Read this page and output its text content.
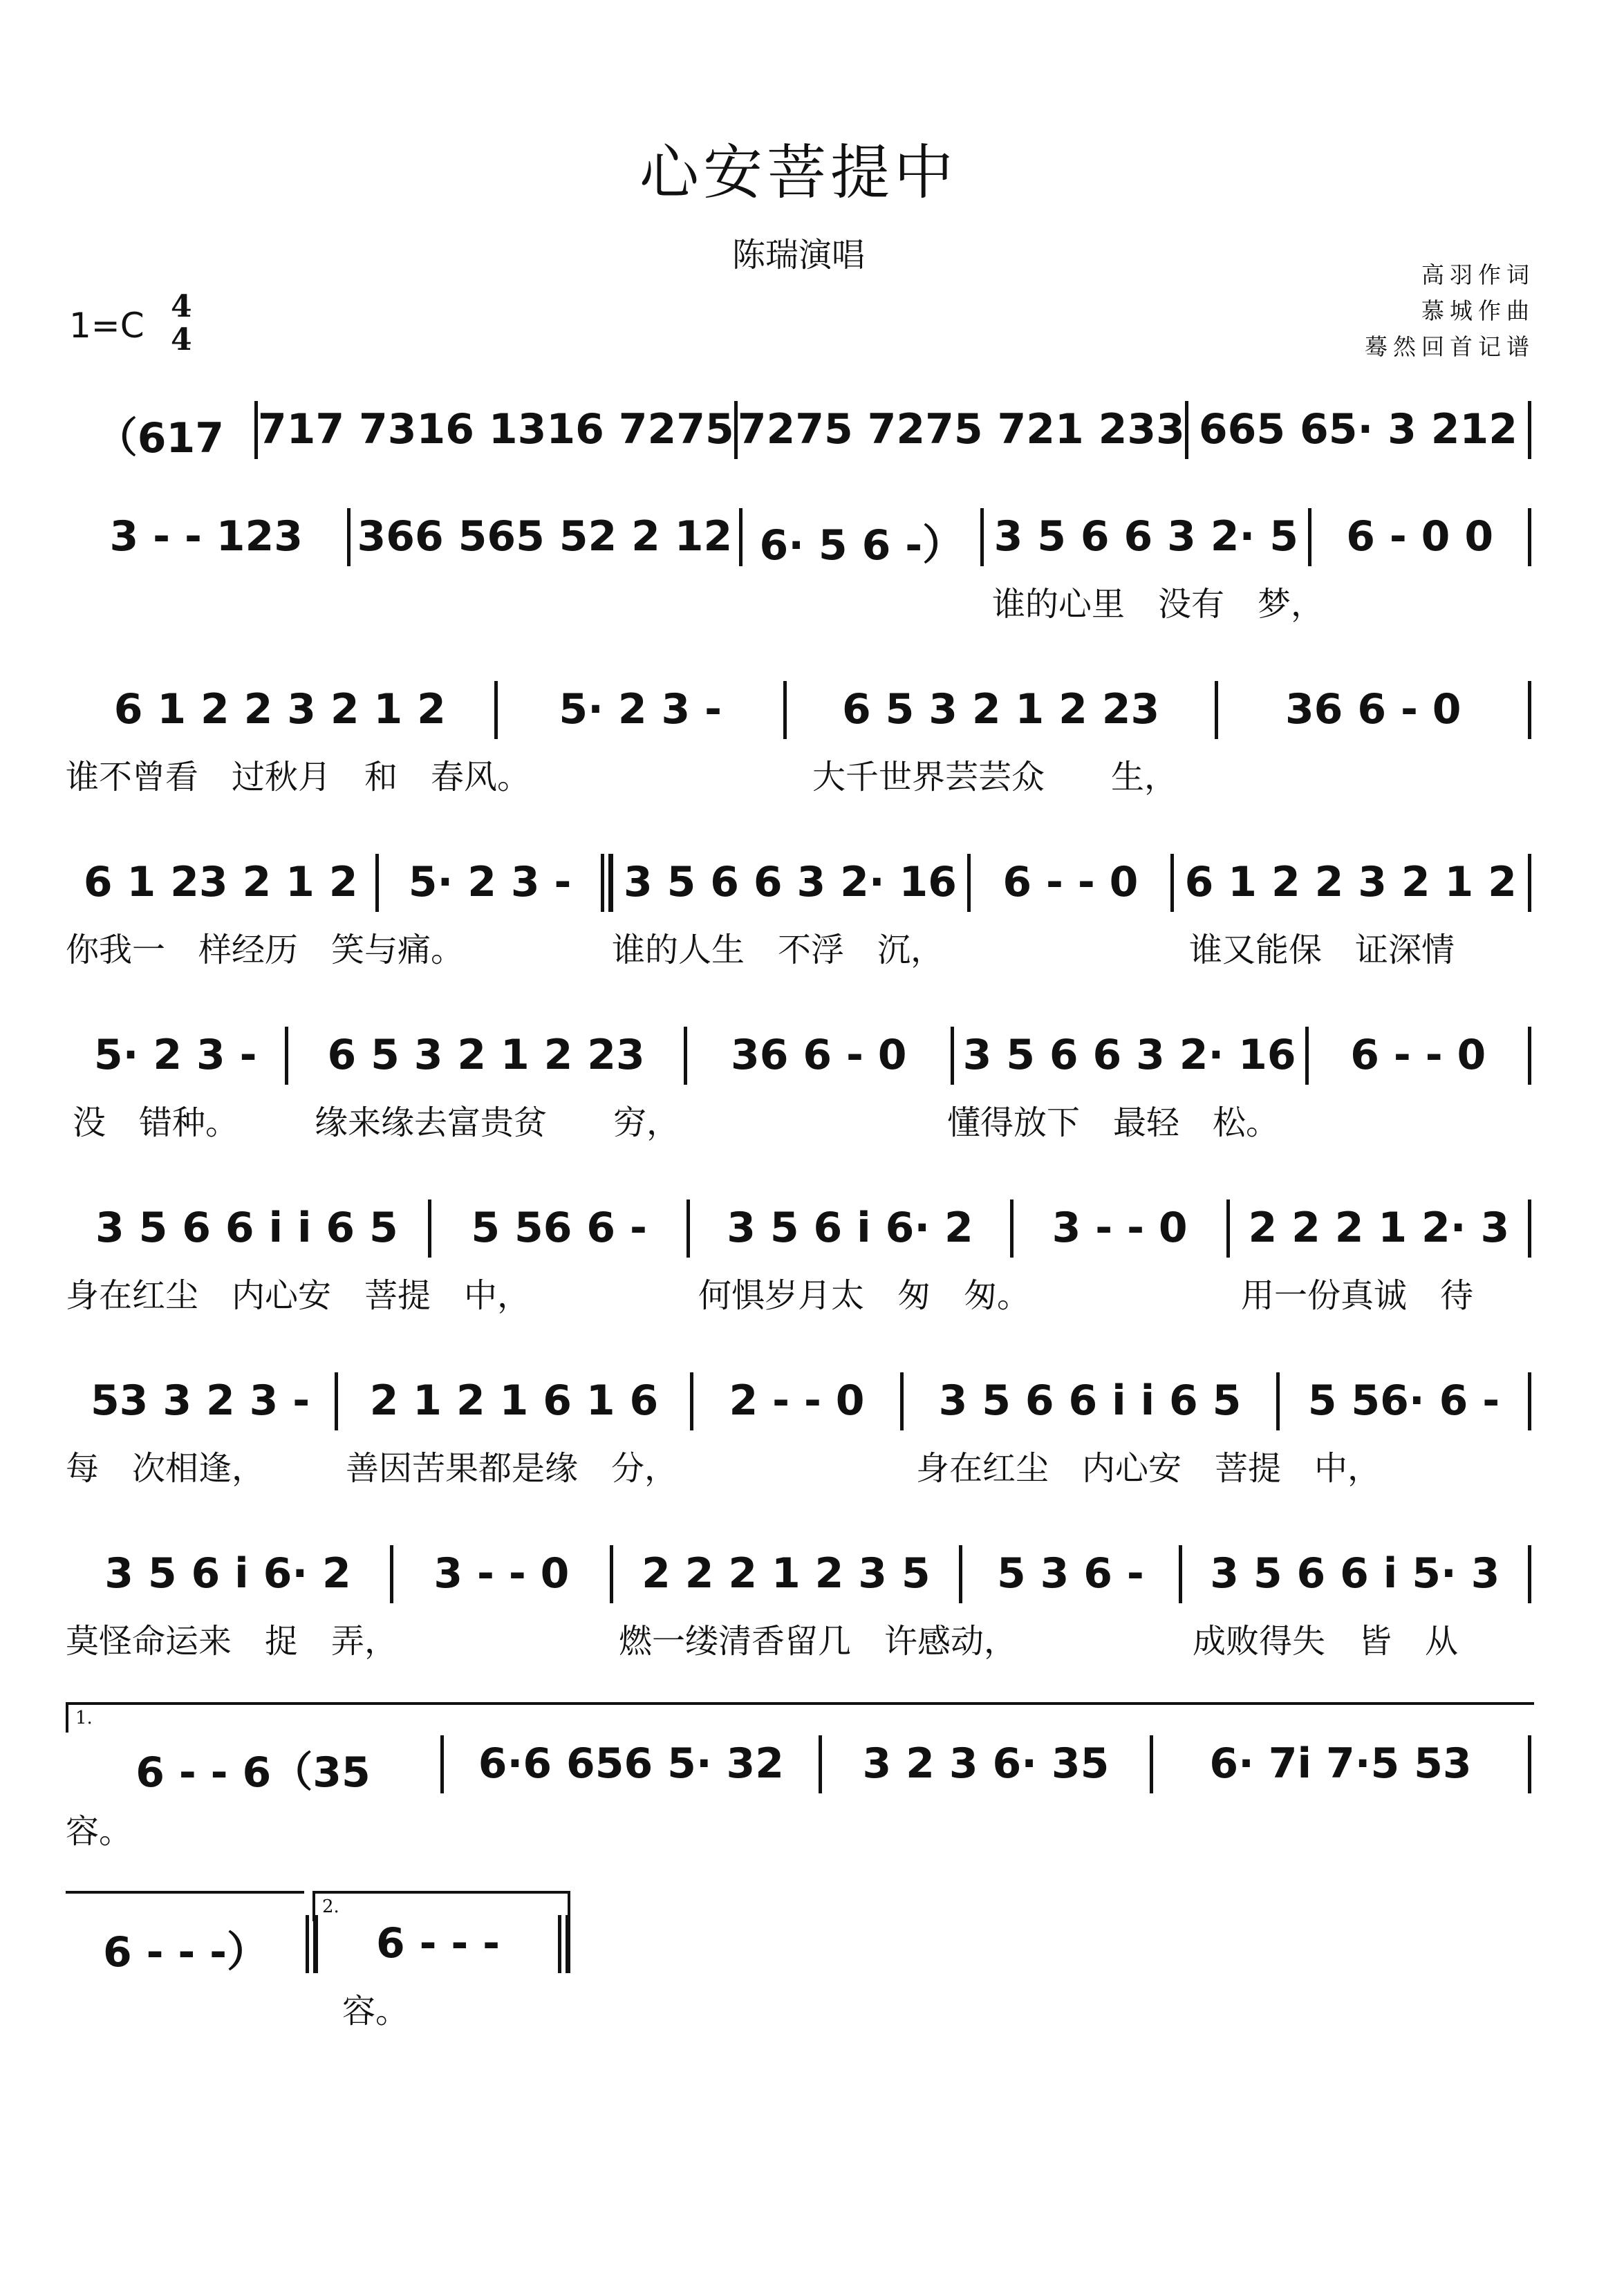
心安菩提中
陈瑞演唱
高羽作词
慕城作曲
蓦然回首记谱
1=C 4
4
（617 717 7316 1316 7275 7275 7275 721 233 665 65· 3 212
3 - - 123	366 565 52 2 12 6· 5 6 -） 3 5 6 6 3 2· 5	6 - 0 0

谁的心里　没有　梦，

6 1 2 2 3 2 1 2	5· 2 3 -	6 5 3 2 1 2 23	36 6 - 0

谁不曾看　过秋月　和　春风。

	大千世界芸芸众　　生，

6 1 23 2 1 2	5· 2 3 -	3 5 6 6 3 2· 16	6 - - 0	6 1 2 2 3 2 1 2

你我一　样经历　笑与痛。

	谁的人生　不浮　沉，

	谁又能保　证深情

5· 2 3 -	6 5 3 2 1 2 23	36 6 - 0	3 5 6 6 3 2· 16	6 - - 0

没　错种。

缘来缘去富贵贫　　穷，

	懂得放下　最轻　松。

3 5 6 6 i i 6 5	5 56 6 -	3 5 6 i 6· 2	3 - - 0	2 2 2 1 2· 3

身在红尘　内心安　菩提　中，

	何惧岁月太　匆　匆。

	用一份真诚　待

53 3 2 3 -	2 1 2 1 6 1 6	2 - - 0	3 5 6 6 i i 6 5	5 56· 6 -

每　次相逢，

善因苦果都是缘　分，

	身在红尘　内心安　菩提　中，

3 5 6 i 6· 2	3 - - 0	2 2 2 1 2 3 5	5 3 6 -	3 5 6 6 i 5· 3

莫怪命运来　捉　弄，

	燃一缕清香留几　许感动，

	成败得失　皆　从

1.
6 - - 6（35	6·6 656 5· 32	3 2 3 6· 35	6· 7i 7·5 53

容。

2.
6 - - -）	6 - - -

容。
